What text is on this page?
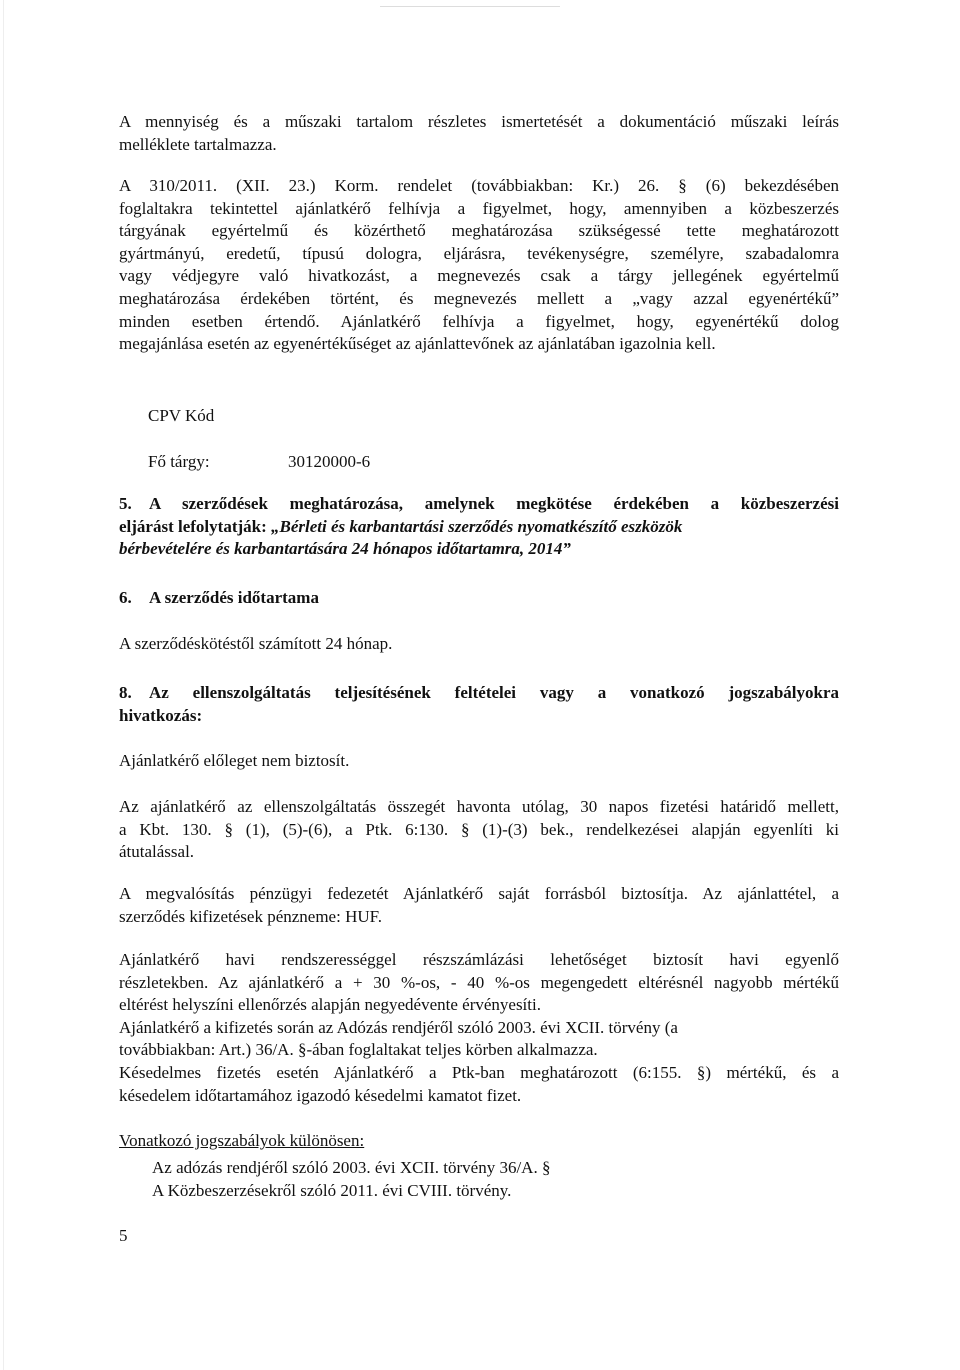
A mennyiség és a műszaki tartalom részletes ismertetését a dokumentáció műszaki leírás
melléklete tartalmazza.
A 310/2011. (XII. 23.) Korm. rendelet (továbbiakban: Kr.) 26. § (6) bekezdésében
foglaltakra tekintettel ajánlatkérő felhívja a figyelmet, hogy, amennyiben a közbeszerzés
tárgyának egyértelmű és közérthető meghatározása szükségessé tette meghatározott
gyártmányú, eredetű, típusú dologra, eljárásra, tevékenységre, személyre, szabadalomra
vagy védjegyre való hivatkozást, a megnevezés csak a tárgy jellegének egyértelmű
meghatározása érdekében történt, és megnevezés mellett a „vagy azzal egyenértékű”
minden esetben értendő. Ajánlatkérő felhívja a figyelmet, hogy, egyenértékű dolog
megajánlása esetén az egyenértékűséget az ajánlattevőnek az ajánlatában igazolnia kell.
CPV Kód
Fő tárgy:	30120000-6
5. A szerződések meghatározása, amelynek megkötése érdekében a közbeszerzési
eljárást lefolytatják: „Bérleti és karbantartási szerződés nyomatkészítő eszközök
bérbevételére és karbantartására 24 hónapos időtartamra, 2014”
6. A szerződés időtartama
A szerződéskötéstől számított 24 hónap.
8. Az ellenszolgáltatás teljesítésének feltételei vagy a vonatkozó jogszabályokra
hivatkozás:
Ajánlatkérő előleget nem biztosít.
Az ajánlatkérő az ellenszolgáltatás összegét havonta utólag, 30 napos fizetési határidő mellett,
a Kbt. 130. § (1), (5)-(6), a Ptk. 6:130. § (1)-(3) bek., rendelkezései alapján egyenlíti ki
átutalással.
A megvalósítás pénzügyi fedezetét Ajánlatkérő saját forrásból biztosítja. Az ajánlattétel, a
szerződés kifizetések pénzneme: HUF.
Ajánlatkérő havi rendszerességgel részszámlázási lehetőséget biztosít havi egyenlő
részletekben. Az ajánlatkérő a + 30 %-os, - 40 %-os megengedett eltérésnél nagyobb mértékű
eltérést helyszíni ellenőrzés alapján negyedévente érvényesíti.
Ajánlatkérő a kifizetés során az Adózás rendjéről szóló 2003. évi XCII. törvény (a
továbbiakban: Art.) 36/A. §-ában foglaltakat teljes körben alkalmazza.
Késedelmes fizetés esetén Ajánlatkérő a Ptk-ban meghatározott (6:155. §) mértékű, és a
késedelem időtartamához igazodó késedelmi kamatot fizet.
Vonatkozó jogszabályok különösen:
Az adózás rendjéről szóló 2003. évi XCII. törvény 36/A. §
A Közbeszerzésekről szóló 2011. évi CVIII. törvény.
5
